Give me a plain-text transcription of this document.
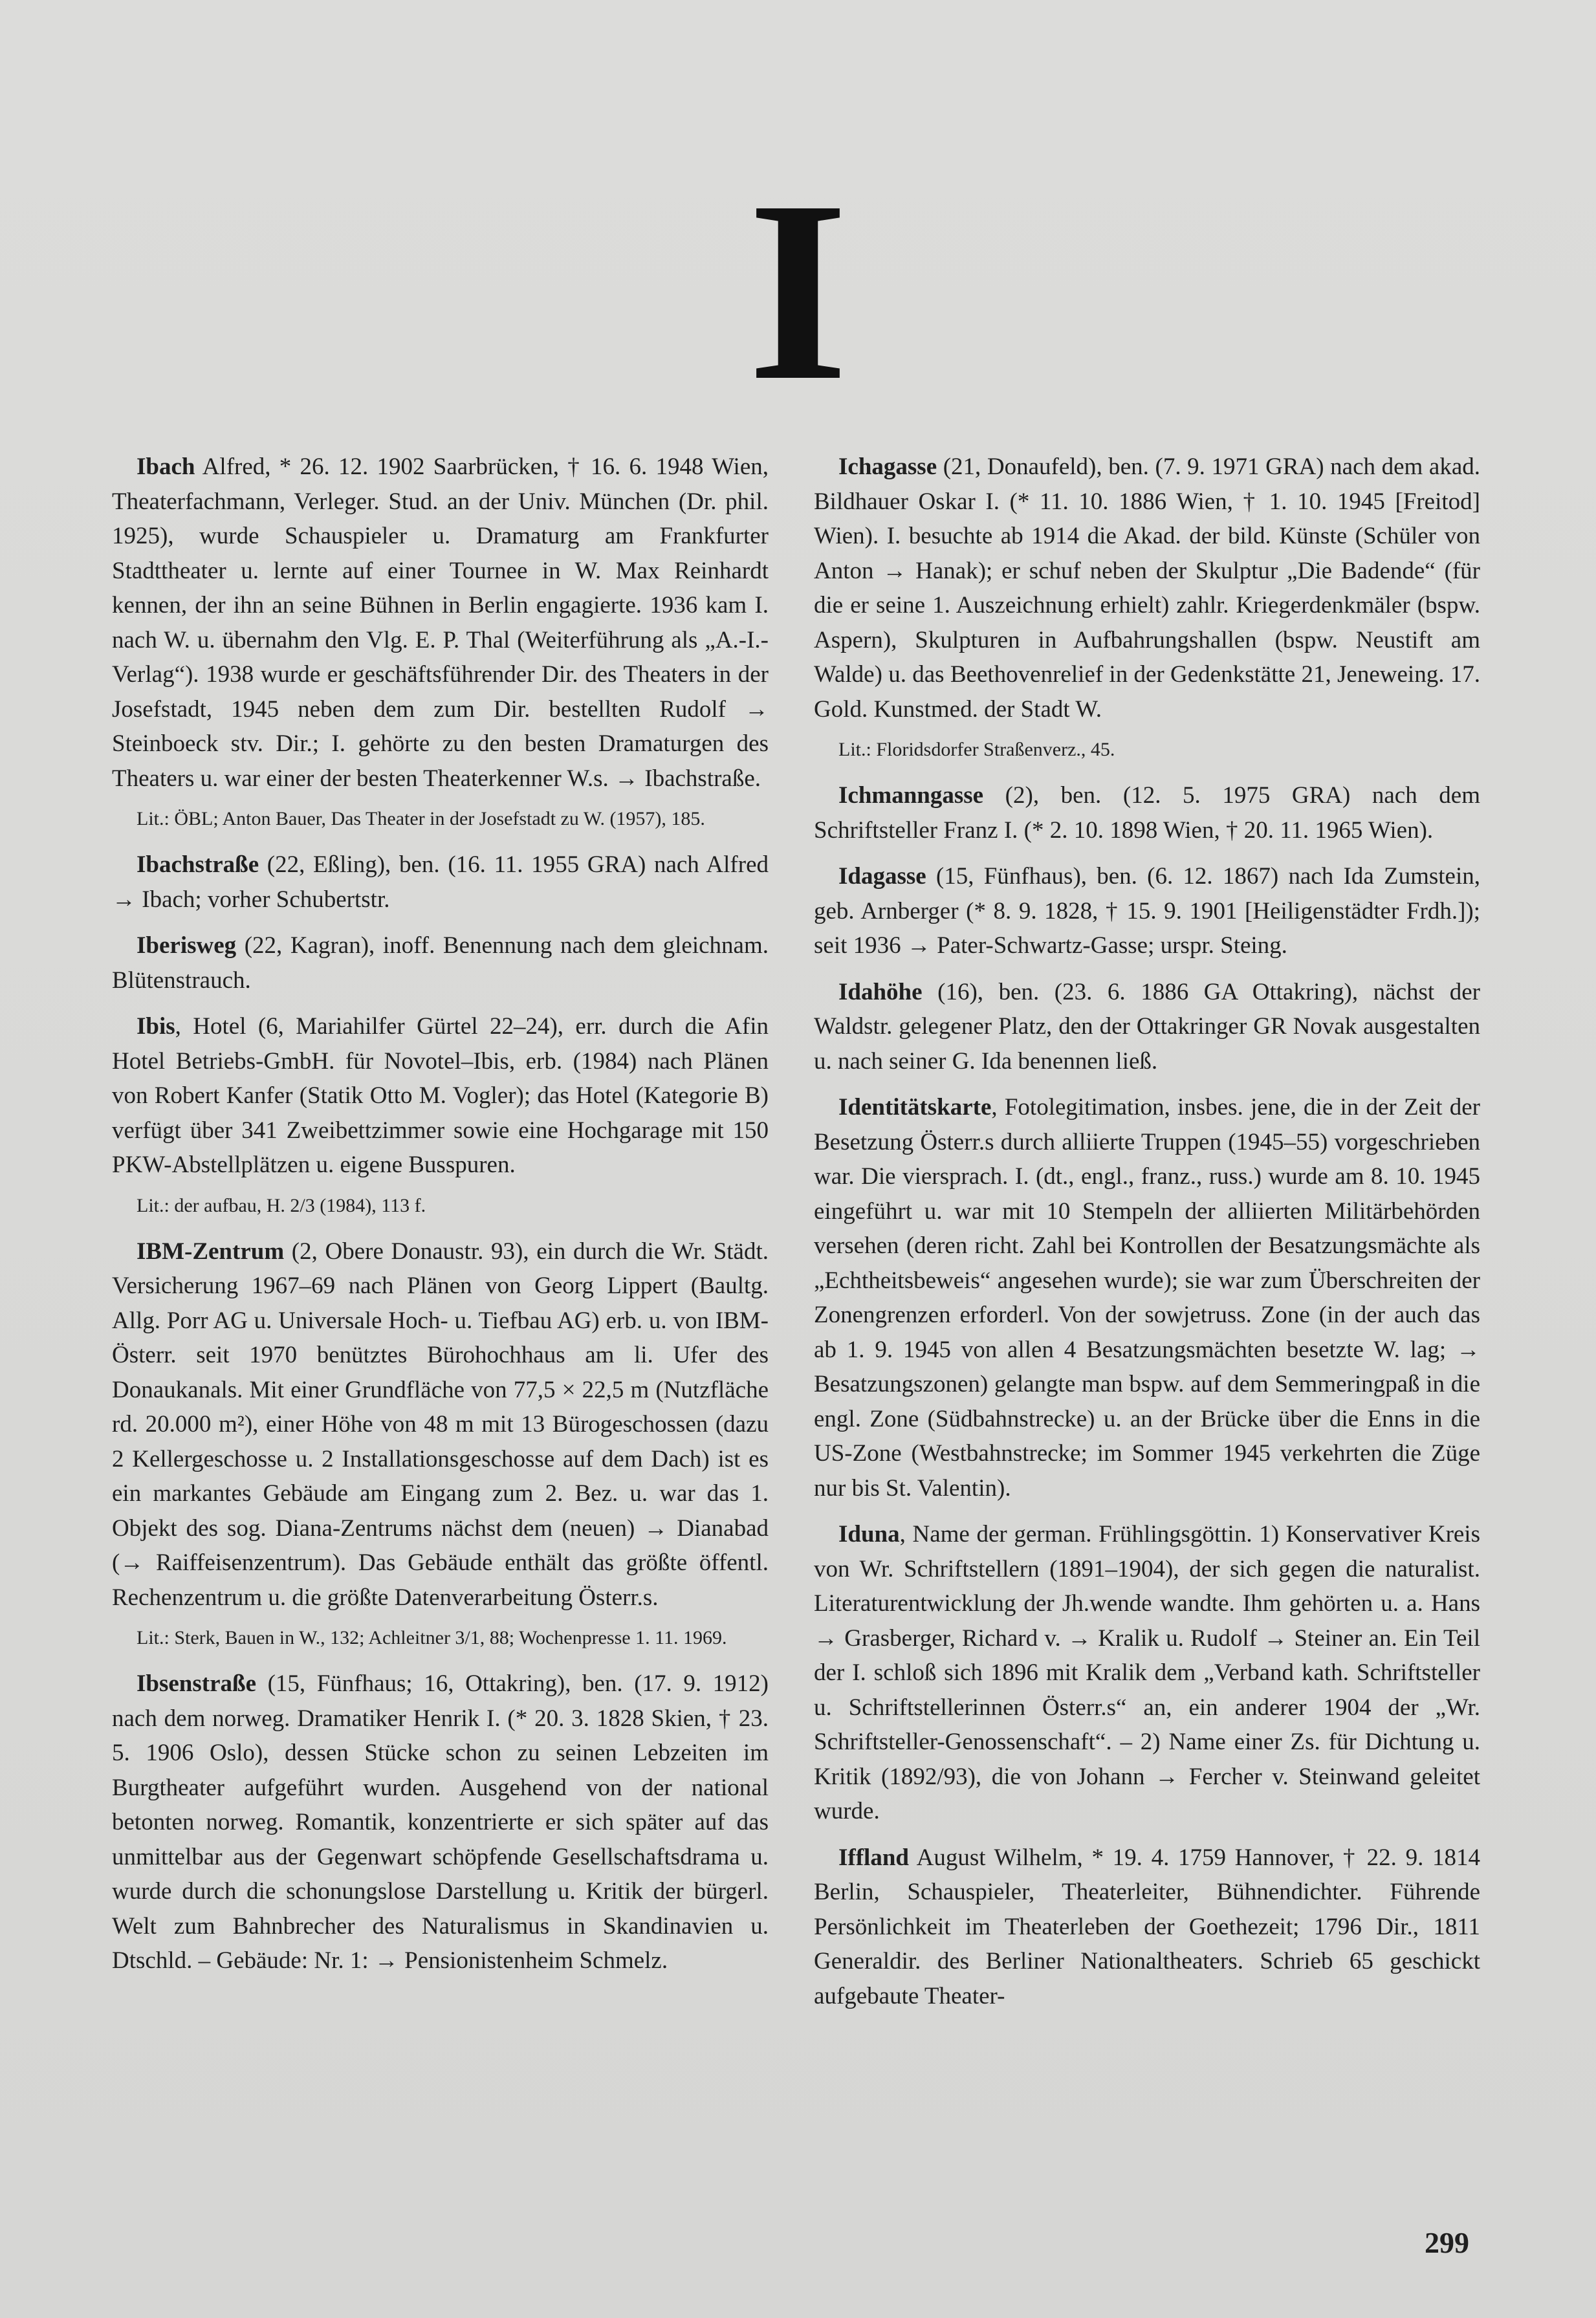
I

Ibach Alfred, * 26. 12. 1902 Saarbrücken, † 16. 6. 1948 Wien, Theaterfachmann, Verleger. Stud. an der Univ. München (Dr. phil. 1925), wurde Schauspieler u. Dramaturg am Frankfurter Stadttheater u. lernte auf einer Tournee in W. Max Reinhardt kennen, der ihn an seine Bühnen in Berlin engagierte. 1936 kam I. nach W. u. übernahm den Vlg. E. P. Thal (Weiterführung als „A.-I.-Verlag“). 1938 wurde er geschäftsführender Dir. des Theaters in der Josefstadt, 1945 neben dem zum Dir. bestellten Rudolf → Steinboeck stv. Dir.; I. gehörte zu den besten Dramaturgen des Theaters u. war einer der besten Theaterkenner W.s. → Ibachstraße.

Lit.: ÖBL; Anton Bauer, Das Theater in der Josefstadt zu W. (1957), 185.

Ibachstraße (22, Eßling), ben. (16. 11. 1955 GRA) nach Alfred → Ibach; vorher Schubertstr.

Iberisweg (22, Kagran), inoff. Benennung nach dem gleichnam. Blütenstrauch.

Ibis, Hotel (6, Mariahilfer Gürtel 22–24), err. durch die Afin Hotel Betriebs-GmbH. für Novotel–Ibis, erb. (1984) nach Plänen von Robert Kanfer (Statik Otto M. Vogler); das Hotel (Kategorie B) verfügt über 341 Zweibettzimmer sowie eine Hochgarage mit 150 PKW-Abstellplätzen u. eigene Busspuren.

Lit.: der aufbau, H. 2/3 (1984), 113 f.

IBM-Zentrum (2, Obere Donaustr. 93), ein durch die Wr. Städt. Versicherung 1967–69 nach Plänen von Georg Lippert (Baultg. Allg. Porr AG u. Universale Hoch- u. Tiefbau AG) erb. u. von IBM-Österr. seit 1970 benütztes Bürohochhaus am li. Ufer des Donaukanals. Mit einer Grundfläche von 77,5 × 22,5 m (Nutzfläche rd. 20.000 m²), einer Höhe von 48 m mit 13 Bürogeschossen (dazu 2 Kellergeschosse u. 2 Installationsgeschosse auf dem Dach) ist es ein markantes Gebäude am Eingang zum 2. Bez. u. war das 1. Objekt des sog. Diana-Zentrums nächst dem (neuen) → Dianabad (→ Raiffeisenzentrum). Das Gebäude enthält das größte öffentl. Rechenzentrum u. die größte Datenverarbeitung Österr.s.

Lit.: Sterk, Bauen in W., 132; Achleitner 3/1, 88; Wochenpresse 1. 11. 1969.

Ibsenstraße (15, Fünfhaus; 16, Ottakring), ben. (17. 9. 1912) nach dem norweg. Dramatiker Henrik I. (* 20. 3. 1828 Skien, † 23. 5. 1906 Oslo), dessen Stücke schon zu seinen Lebzeiten im Burgtheater aufgeführt wurden. Ausgehend von der national betonten norweg. Romantik, konzentrierte er sich später auf das unmittelbar aus der Gegenwart schöpfende Gesellschaftsdrama u. wurde durch die schonungslose Darstellung u. Kritik der bürgerl. Welt zum Bahnbrecher des Naturalismus in Skandinavien u. Dtschld. – Gebäude: Nr. 1: → Pensionistenheim Schmelz.

Ichagasse (21, Donaufeld), ben. (7. 9. 1971 GRA) nach dem akad. Bildhauer Oskar I. (* 11. 10. 1886 Wien, † 1. 10. 1945 [Freitod] Wien). I. besuchte ab 1914 die Akad. der bild. Künste (Schüler von Anton → Hanak); er schuf neben der Skulptur „Die Badende“ (für die er seine 1. Auszeichnung erhielt) zahlr. Kriegerdenkmäler (bspw. Aspern), Skulpturen in Aufbahrungshallen (bspw. Neustift am Walde) u. das Beethovenrelief in der Gedenkstätte 21, Jeneweing. 17. Gold. Kunstmed. der Stadt W.

Lit.: Floridsdorfer Straßenverz., 45.

Ichmanngasse (2), ben. (12. 5. 1975 GRA) nach dem Schriftsteller Franz I. (* 2. 10. 1898 Wien, † 20. 11. 1965 Wien).

Idagasse (15, Fünfhaus), ben. (6. 12. 1867) nach Ida Zumstein, geb. Arnberger (* 8. 9. 1828, † 15. 9. 1901 [Heiligenstädter Frdh.]); seit 1936 → Pater-Schwartz-Gasse; urspr. Steing.

Idahöhe (16), ben. (23. 6. 1886 GA Ottakring), nächst der Waldstr. gelegener Platz, den der Ottakringer GR Novak ausgestalten u. nach seiner G. Ida benennen ließ.

Identitätskarte, Fotolegitimation, insbes. jene, die in der Zeit der Besetzung Österr.s durch alliierte Truppen (1945–55) vorgeschrieben war. Die viersprach. I. (dt., engl., franz., russ.) wurde am 8. 10. 1945 eingeführt u. war mit 10 Stempeln der alliierten Militärbehörden versehen (deren richt. Zahl bei Kontrollen der Besatzungsmächte als „Echtheitsbeweis“ angesehen wurde); sie war zum Überschreiten der Zonengrenzen erforderl. Von der sowjetruss. Zone (in der auch das ab 1. 9. 1945 von allen 4 Besatzungsmächten besetzte W. lag; → Besatzungszonen) gelangte man bspw. auf dem Semmeringpaß in die engl. Zone (Südbahnstrecke) u. an der Brücke über die Enns in die US-Zone (Westbahnstrecke; im Sommer 1945 verkehrten die Züge nur bis St. Valentin).

Iduna, Name der german. Frühlingsgöttin. 1) Konservativer Kreis von Wr. Schriftstellern (1891–1904), der sich gegen die naturalist. Literaturentwicklung der Jh.wende wandte. Ihm gehörten u. a. Hans → Grasberger, Richard v. → Kralik u. Rudolf → Steiner an. Ein Teil der I. schloß sich 1896 mit Kralik dem „Verband kath. Schriftsteller u. Schriftstellerinnen Österr.s“ an, ein anderer 1904 der „Wr. Schriftsteller-Genossenschaft“. – 2) Name einer Zs. für Dichtung u. Kritik (1892/93), die von Johann → Fercher v. Steinwand geleitet wurde.

Iffland August Wilhelm, * 19. 4. 1759 Hannover, † 22. 9. 1814 Berlin, Schauspieler, Theaterleiter, Bühnendichter. Führende Persönlichkeit im Theaterleben der Goethezeit; 1796 Dir., 1811 Generaldir. des Berliner Nationaltheaters. Schrieb 65 geschickt aufgebaute Theater-

299
